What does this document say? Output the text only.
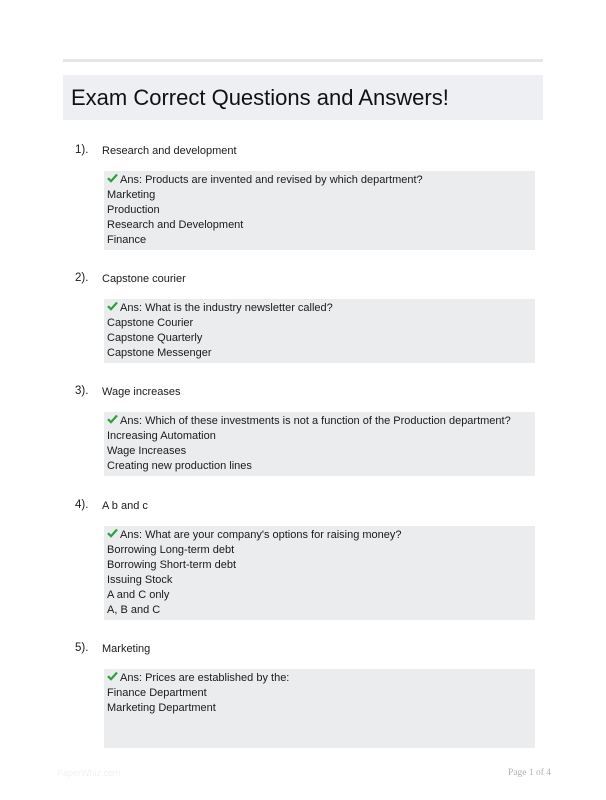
Exam Correct Questions and Answers!
1). Research and development
Ans: Products are invented and revised by which department?
Marketing
Production
Research and Development
Finance
2). Capstone courier
Ans: What is the industry newsletter called?
Capstone Courier
Capstone Quarterly
Capstone Messenger
3). Wage increases
Ans: Which of these investments is not a function of the Production department?
Increasing Automation
Wage Increases
Creating new production lines
4). A b and c
Ans: What are your company's options for raising money?
Borrowing Long-term debt
Borrowing Short-term debt
Issuing Stock
A and C only
A, B and C
5). Marketing
Ans: Prices are established by the:
Finance Department
Marketing Department
PaperWhiz.com	Page 1 of 4
